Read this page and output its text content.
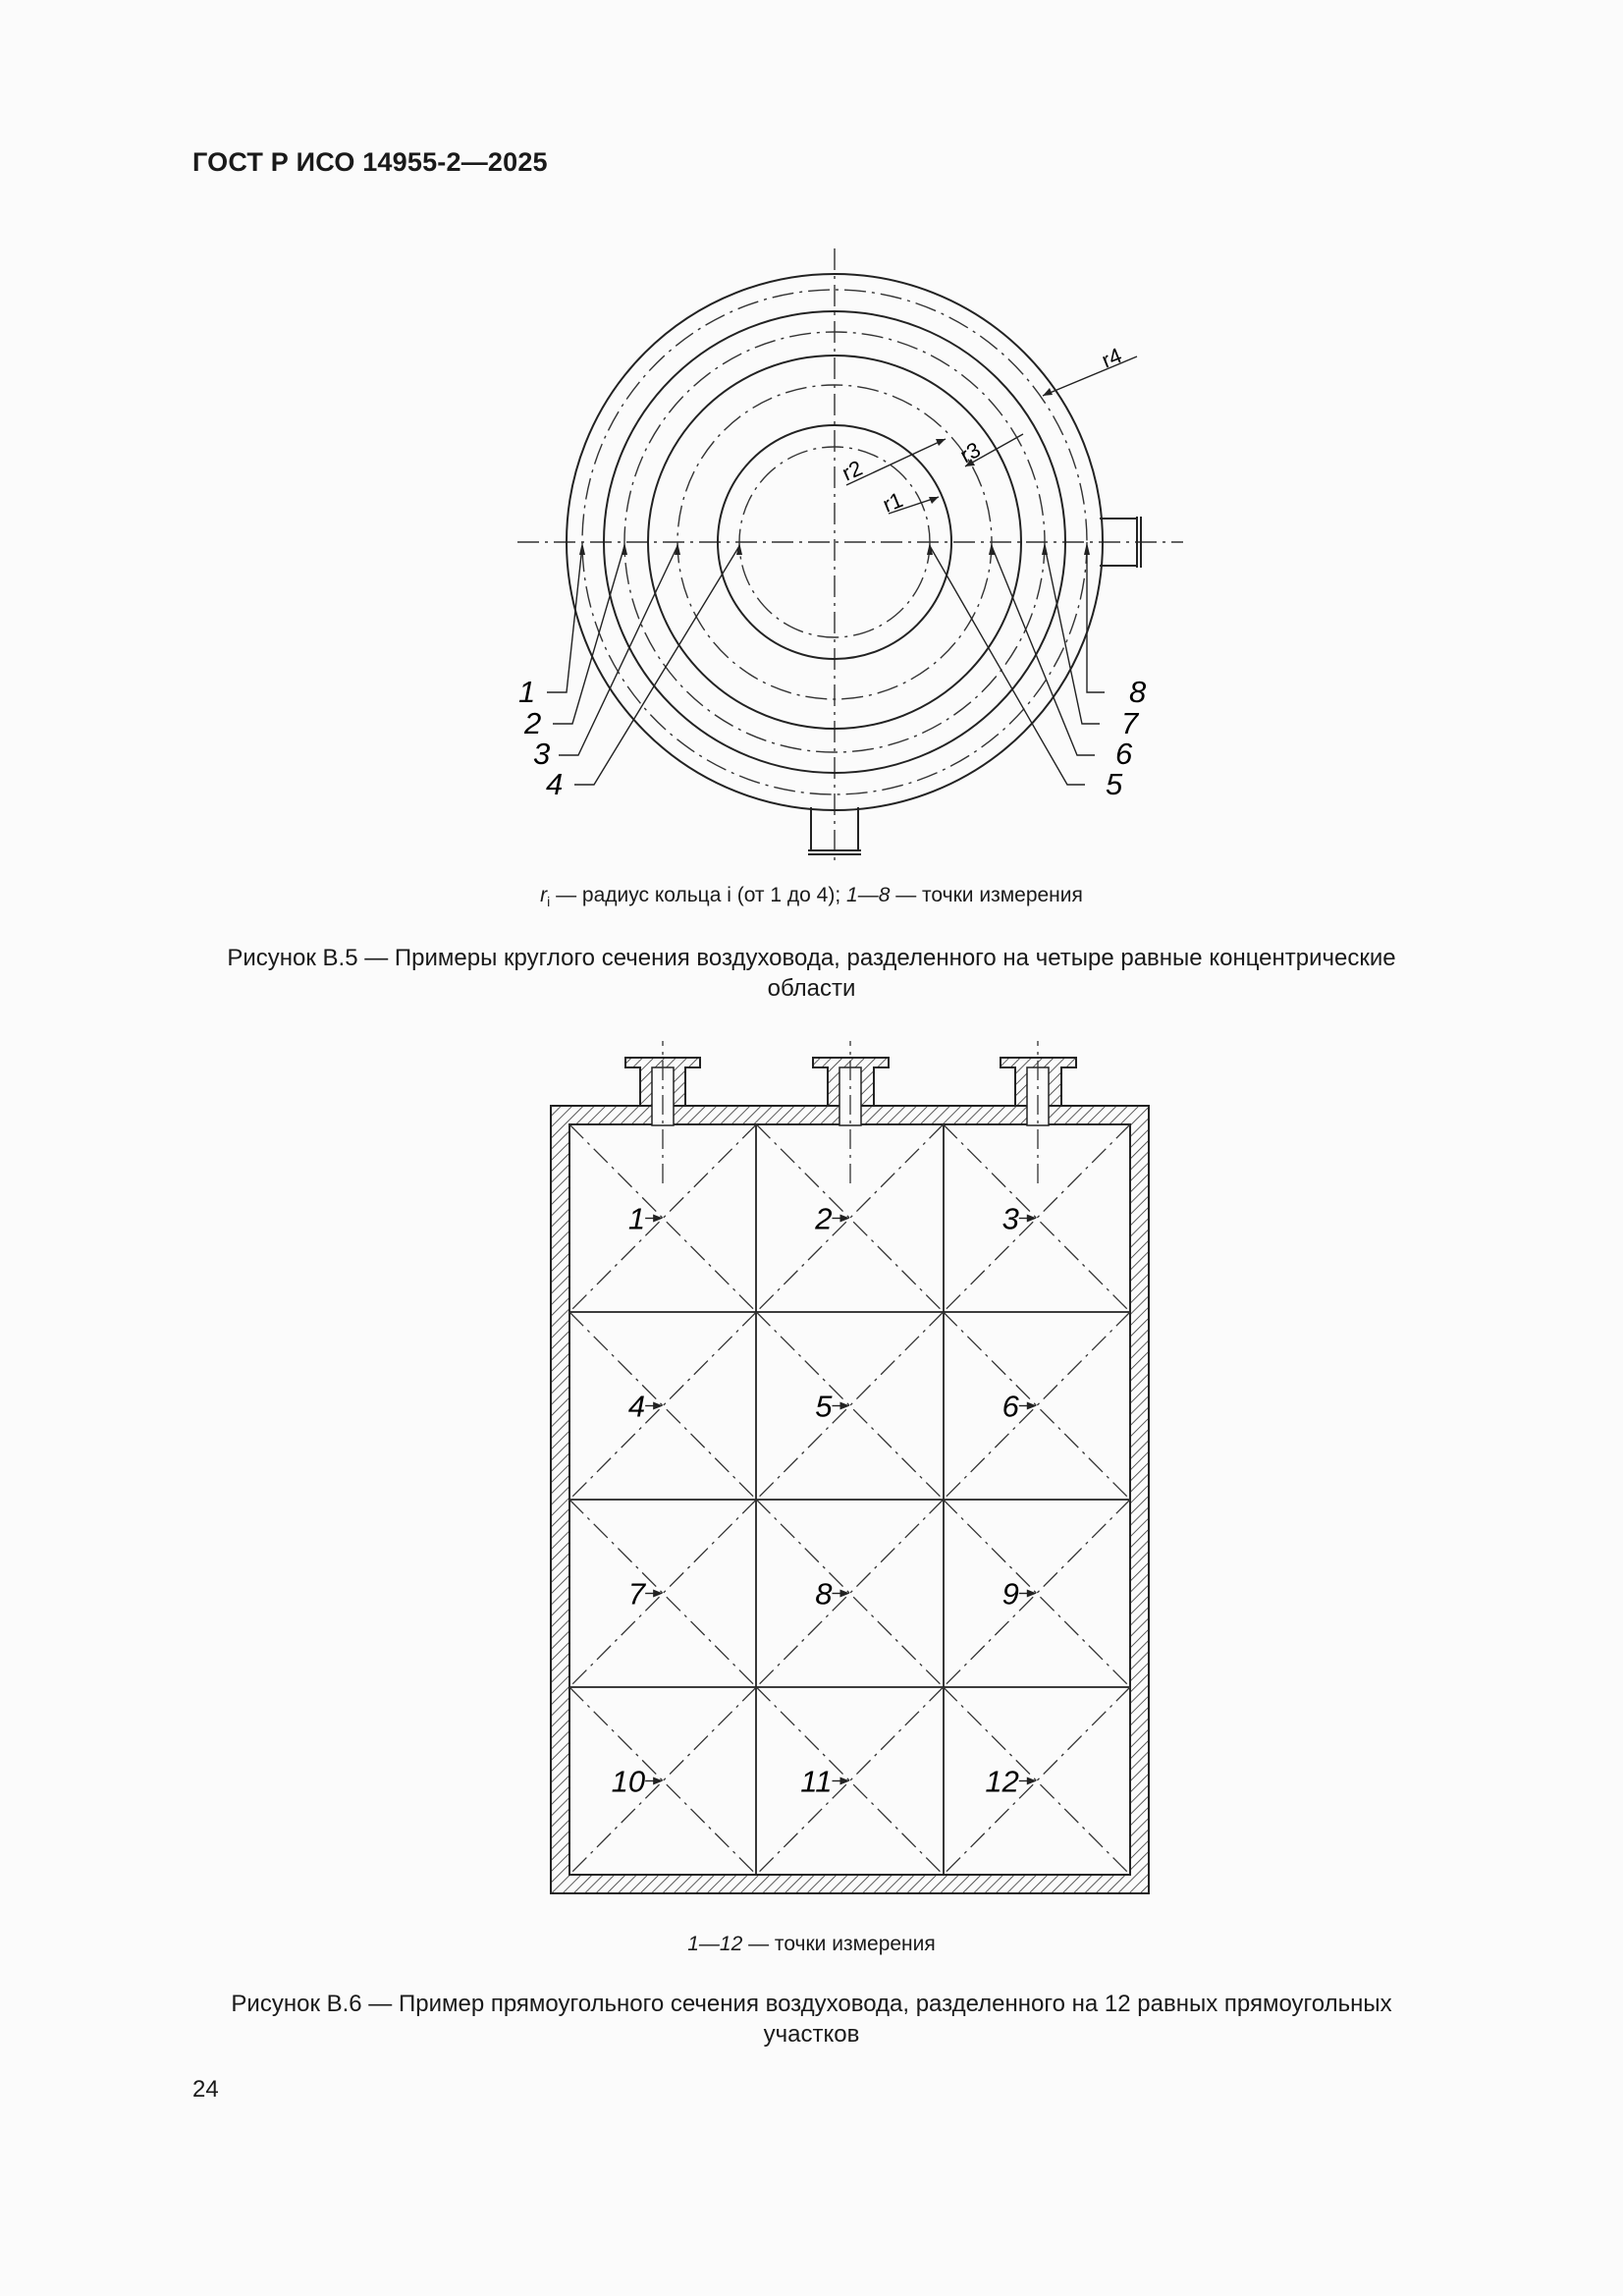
ГОСТ Р ИСО 14955-2—2025
r1
r2
r3
r4
1
2
3
4	5
6
7
8
$r_i$ — радиус кольца i (от 1 до 4); 1—8 — точки измерения
Рисунок В.5 — Примеры круглого сечения воздуховода, разделенного на четыре равные концентрические области
1	2	3
4	5	6
7	8	9
10	11	12
1—12 — точки измерения
Рисунок В.6 — Пример прямоугольного сечения воздуховода, разделенного на 12 равных прямоугольных участков
24
